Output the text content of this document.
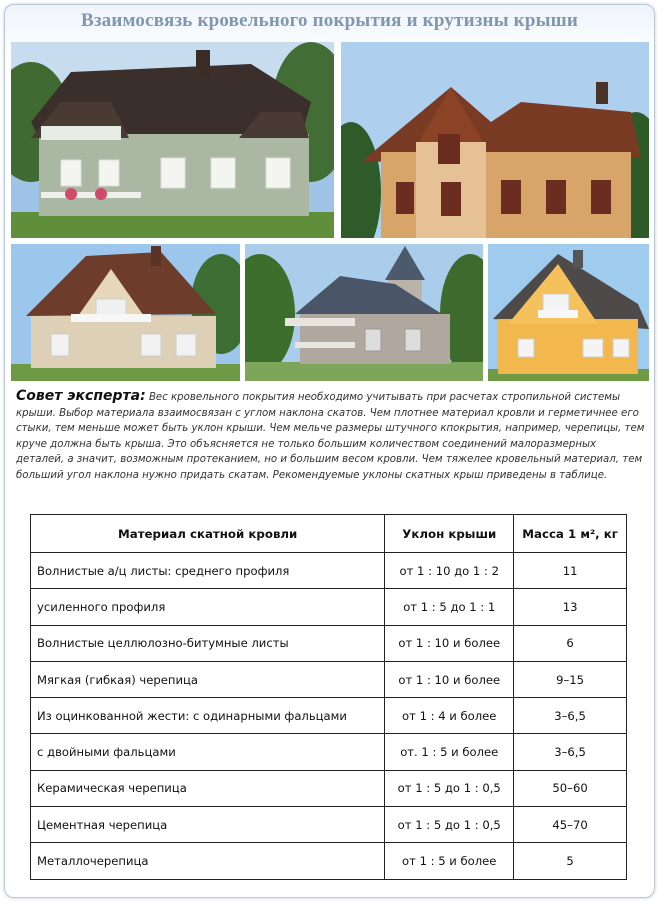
Взаимосвязь кровельного покрытия и крутизны крыши
Совет эксперта: Вес кровельного покрытия необходимо учитывать при расчетах стропильной системы крыши. Выбор материала взаимосвязан с углом наклона скатов. Чем плотнее материал кровли и герметичнее его стыки, тем меньше может быть уклон крыши. Чем мельче размеры штучного кпокрытия, например, черепицы, тем круче должна быть крыша. Это объясняется не только большим количеством соединений малоразмерных деталей, а значит, возможным протеканием, но и большим весом кровли. Чем тяжелее кровельный материал, тем больший угол наклона нужно придать скатам. Рекомендуемые уклоны скатных крыш приведены в таблице.
Материал скатной кровли	Уклон крыши	Масса 1 м², кг
Волнистые а/ц листы: среднего профиля	от 1 : 10 до 1 : 2	11
усиленного профиля	от 1 : 5 до 1 : 1	13
Волнистые целлюлозно-битумные листы	от 1 : 10 и более	6
Мягкая (гибкая) черепица	от 1 : 10 и более	9–15
Из оцинкованной жести: с одинарными фальцами	от 1 : 4 и более	3–6,5
с двойными фальцами	от. 1 : 5 и более	3–6,5
Керамическая черепица	от 1 : 5 до 1 : 0,5	50–60
Цементная черепица	от 1 : 5 до 1 : 0,5	45–70
Металлочерепица	от 1 : 5 и более	5
